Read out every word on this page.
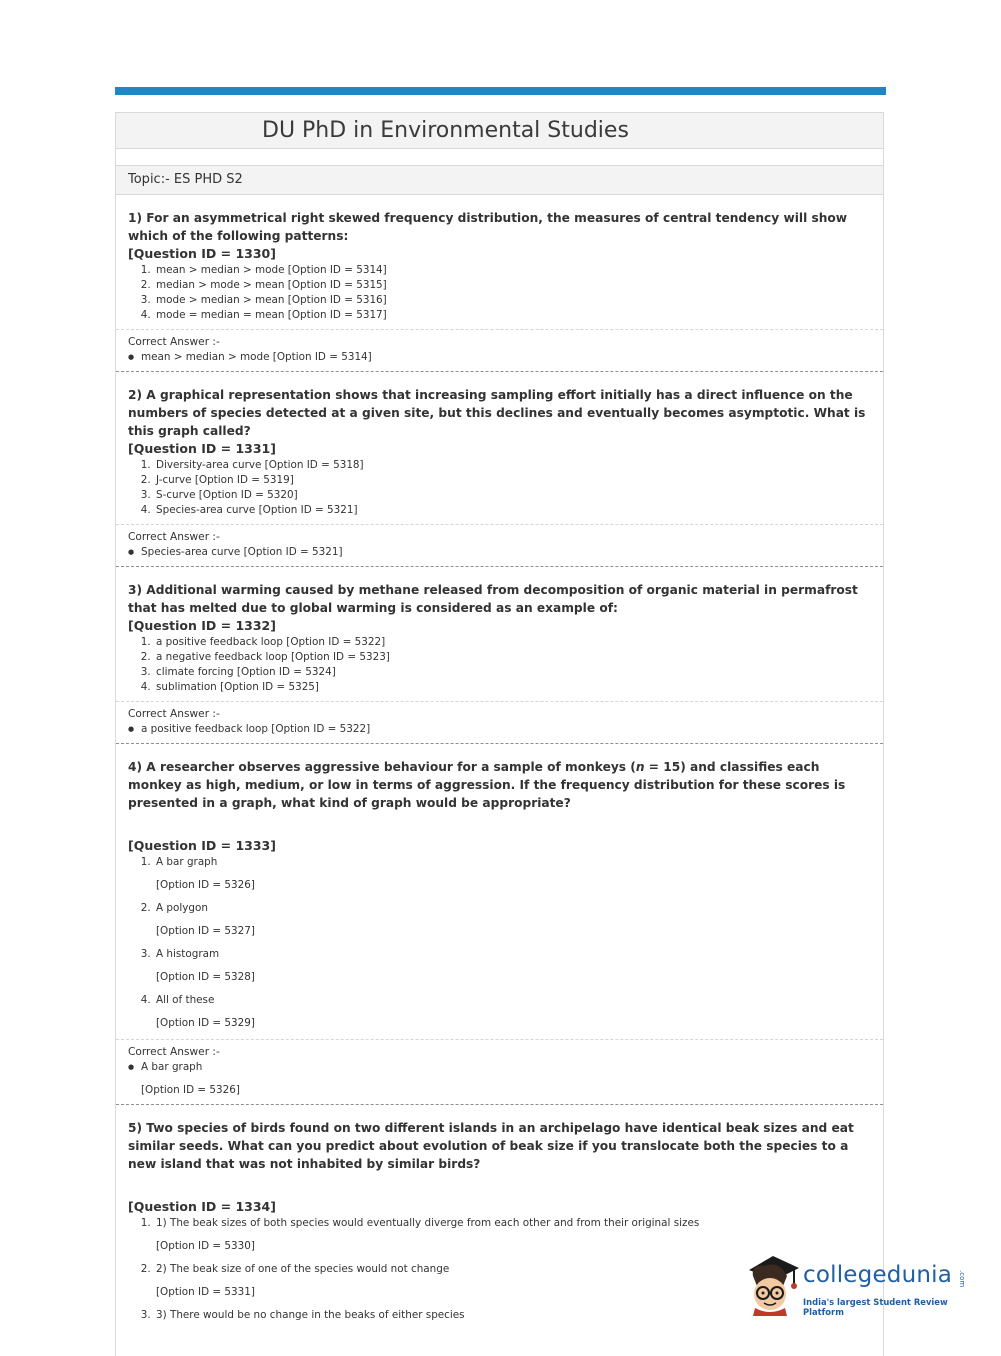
DU PhD in Environmental Studies
Topic:- ES PHD S2

1) For an asymmetrical right skewed frequency distribution, the measures of central tendency will show which of the following patterns:

[Question ID = 1330]

1. mean > median > mode [Option ID = 5314]
2. median > mode > mean [Option ID = 5315]
3. mode > median > mean [Option ID = 5316]
4. mode = median = mean [Option ID = 5317]

Correct Answer :-

● mean > median > mode [Option ID = 5314]

2) A graphical representation shows that increasing sampling effort initially has a direct influence on the numbers of species detected at a given site, but this declines and eventually becomes asymptotic. What is this graph called?

[Question ID = 1331]

1. Diversity-area curve [Option ID = 5318]
2. J-curve [Option ID = 5319]
3. S-curve [Option ID = 5320]
4. Species-area curve [Option ID = 5321]

Correct Answer :-

● Species-area curve [Option ID = 5321]

3) Additional warming caused by methane released from decomposition of organic material in permafrost that has melted due to global warming is considered as an example of:

[Question ID = 1332]

1. a positive feedback loop [Option ID = 5322]
2. a negative feedback loop [Option ID = 5323]
3. climate forcing [Option ID = 5324]
4. sublimation [Option ID = 5325]

Correct Answer :-

● a positive feedback loop [Option ID = 5322]

4) A researcher observes aggressive behaviour for a sample of monkeys (n = 15) and classifies each monkey as high, medium, or low in terms of aggression. If the frequency distribution for these scores is presented in a graph, what kind of graph would be appropriate?

[Question ID = 1333]

1. A bar graph
[Option ID = 5326]
2. A polygon
[Option ID = 5327]
3. A histogram
[Option ID = 5328]
4. All of these
[Option ID = 5329]

Correct Answer :-

● A bar graph
[Option ID = 5326]

5) Two species of birds found on two different islands in an archipelago have identical beak sizes and eat similar seeds. What can you predict about evolution of beak size if you translocate both the species to a new island that was not inhabited by similar birds?

[Question ID = 1334]

1. 1) The beak sizes of both species would eventually diverge from each other and from their original sizes
[Option ID = 5330]
2. 2) The beak size of one of the species would not change
[Option ID = 5331]
3. 3) There would be no change in the beaks of either species
collegedunia .com
India's largest Student Review Platform
